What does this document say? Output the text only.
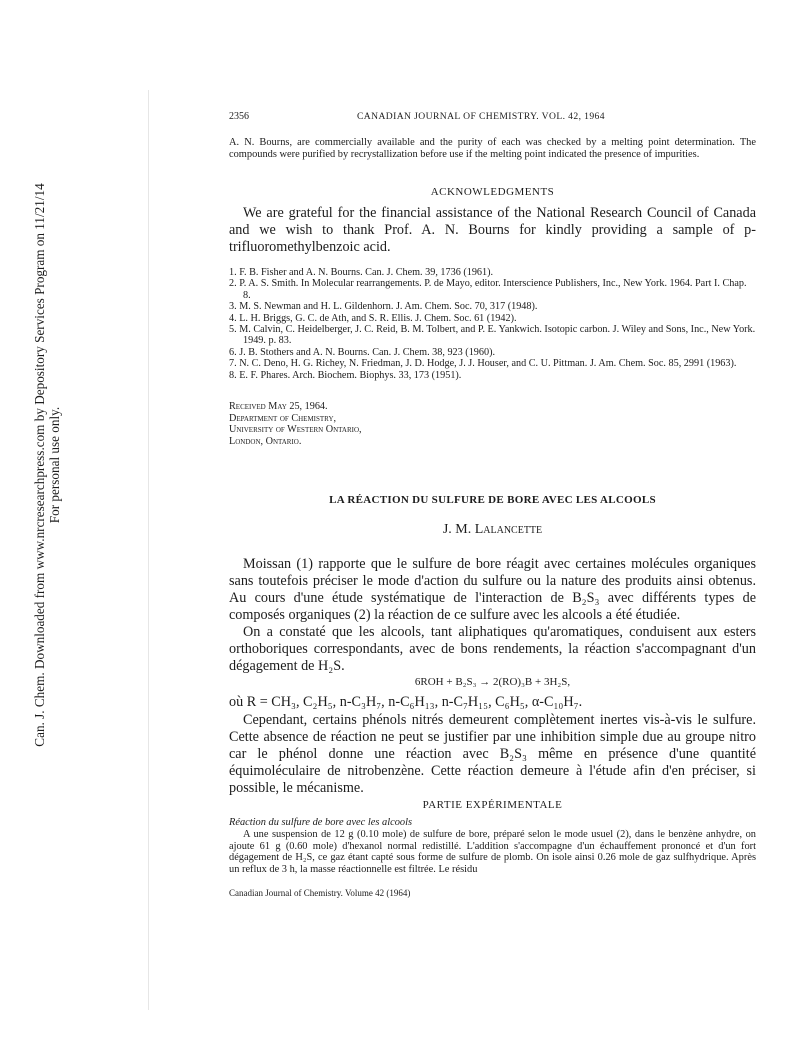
Can. J. Chem. Downloaded from www.nrcresearchpress.com by Depository Services Program on 11/21/14 For personal use only.
2356	CANADIAN JOURNAL OF CHEMISTRY. VOL. 42, 1964
A. N. Bourns, are commercially available and the purity of each was checked by a melting point determination. The compounds were purified by recrystallization before use if the melting point indicated the presence of impurities.
ACKNOWLEDGMENTS
We are grateful for the financial assistance of the National Research Council of Canada and we wish to thank Prof. A. N. Bourns for kindly providing a sample of p-trifluoromethylbenzoic acid.
1. F. B. Fisher and A. N. Bourns. Can. J. Chem. 39, 1736 (1961).
2. P. A. S. Smith. In Molecular rearrangements. P. de Mayo, editor. Interscience Publishers, Inc., New York. 1964. Part I. Chap. 8.
3. M. S. Newman and H. L. Gildenhorn. J. Am. Chem. Soc. 70, 317 (1948).
4. L. H. Briggs, G. C. de Ath, and S. R. Ellis. J. Chem. Soc. 61 (1942).
5. M. Calvin, C. Heidelberger, J. C. Reid, B. M. Tolbert, and P. E. Yankwich. Isotopic carbon. J. Wiley and Sons, Inc., New York. 1949. p. 83.
6. J. B. Stothers and A. N. Bourns. Can. J. Chem. 38, 923 (1960).
7. N. C. Deno, H. G. Richey, N. Friedman, J. D. Hodge, J. J. Houser, and C. U. Pittman. J. Am. Chem. Soc. 85, 2991 (1963).
8. E. F. Phares. Arch. Biochem. Biophys. 33, 173 (1951).
Received May 25, 1964.
Department of Chemistry,
University of Western Ontario,
London, Ontario.
LA RÉACTION DU SULFURE DE BORE AVEC LES ALCOOLS
J. M. Lalancette
Moissan (1) rapporte que le sulfure de bore réagit avec certaines molécules organiques sans toutefois préciser le mode d'action du sulfure ou la nature des produits ainsi obtenus. Au cours d'une étude systématique de l'interaction de B₂S₃ avec différents types de composés organiques (2) la réaction de ce sulfure avec les alcools a été étudiée.
On a constaté que les alcools, tant aliphatiques qu'aromatiques, conduisent aux esters orthoboriques correspondants, avec de bons rendements, la réaction s'accompagnant d'un dégagement de H₂S.
6ROH + B₂S₃ → 2(RO)₃B + 3H₂S,
où R = CH₃, C₂H₅, n-C₃H₇, n-C₆H₁₃, n-C₇H₁₅, C₆H₅, α-C₁₀H₇.
Cependant, certains phénols nitrés demeurent complètement inertes vis-à-vis le sulfure. Cette absence de réaction ne peut se justifier par une inhibition simple due au groupe nitro car le phénol donne une réaction avec B₂S₃ même en présence d'une quantité équimoléculaire de nitrobenzène. Cette réaction demeure à l'étude afin d'en préciser, si possible, le mécanisme.
PARTIE EXPÉRIMENTALE
Réaction du sulfure de bore avec les alcools
A une suspension de 12 g (0.10 mole) de sulfure de bore, préparé selon le mode usuel (2), dans le benzène anhydre, on ajoute 61 g (0.60 mole) d'hexanol normal redistillé. L'addition s'accompagne d'un échauffement prononcé et d'un fort dégagement de H₂S, ce gaz étant capté sous forme de sulfure de plomb. On isole ainsi 0.26 mole de gaz sulfhydrique. Après un reflux de 3 h, la masse réactionnelle est filtrée. Le résidu
Canadian Journal of Chemistry. Volume 42 (1964)
